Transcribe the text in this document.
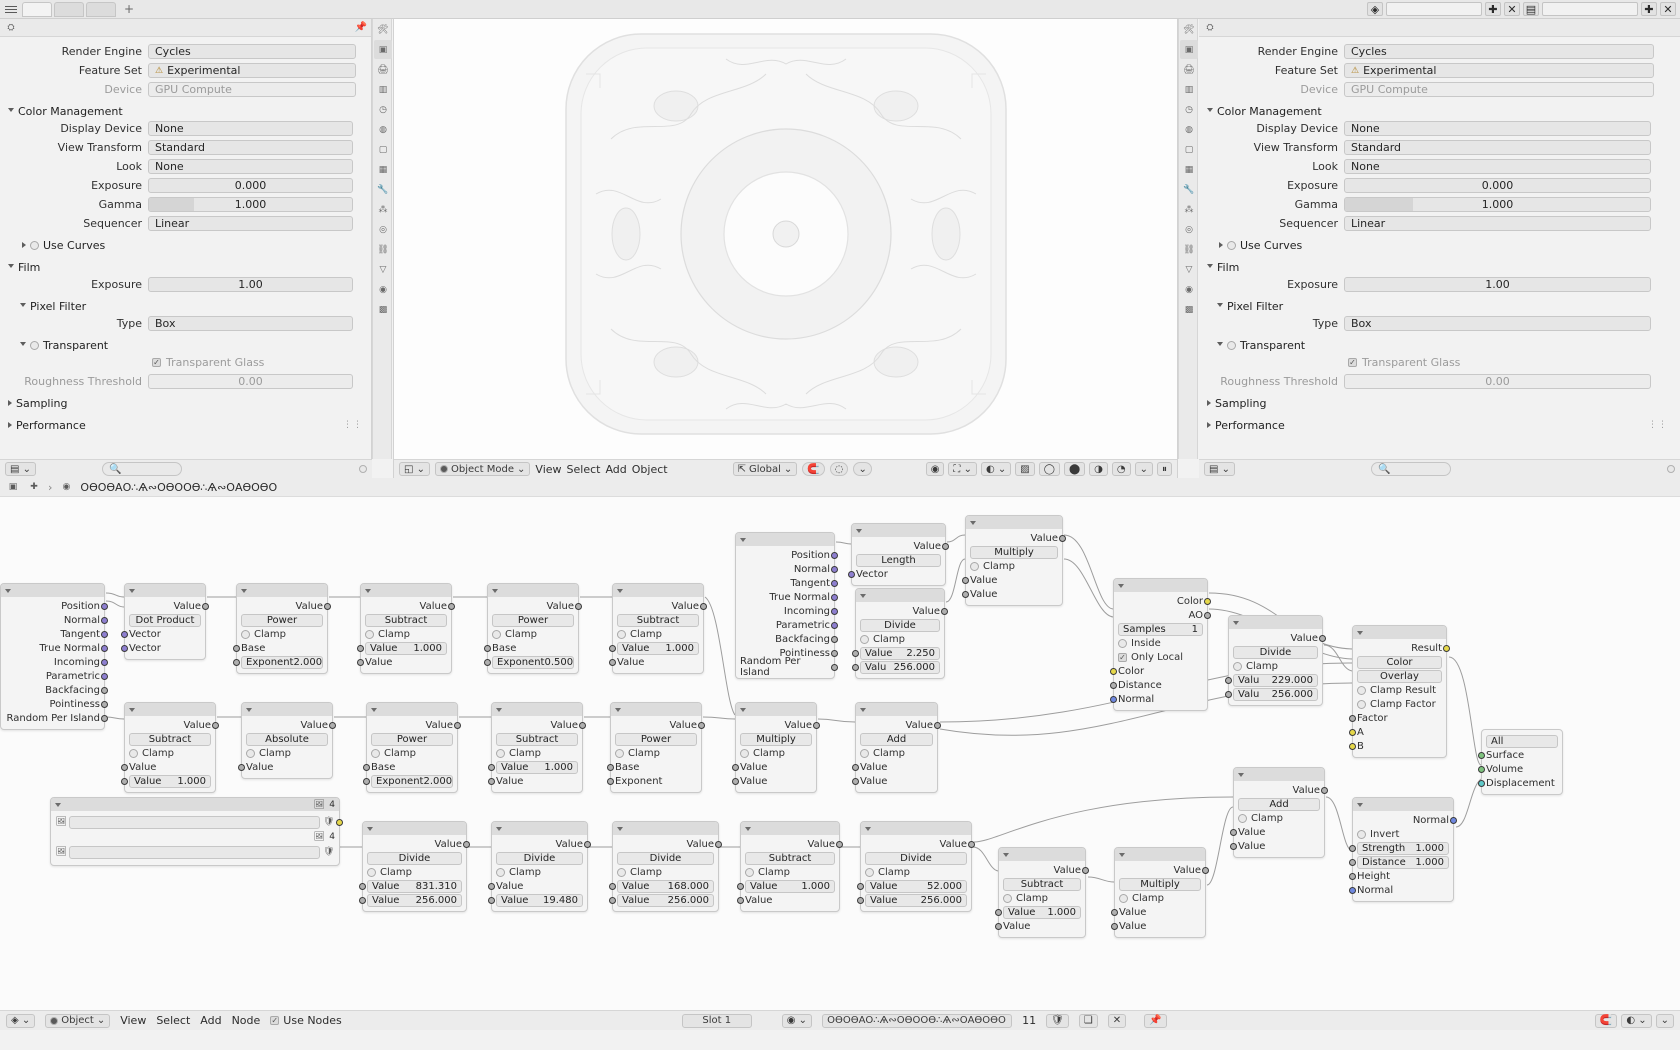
+	◈	✚ ✕ ▤	✚ ✕
⛭	📌
Render Engine	Cycles
Feature Set	⚠ Experimental
Device	GPU Compute
Color Management
Display Device	None
View Transform	Standard
Look	None
Exposure	0.000
Gamma	1.000
Sequencer	Linear
Use Curves
Film
Exposure	1.00
Pixel Filter
Type	Box
Transparent
✓ Transparent Glass
Roughness Threshold	0.00
Sampling
Performance	⋮⋮
▤ ⌄	🔍
🛠
▣
🖨
▥
◷
◍
▢
▦
🔧
⁂
◎
⛓
▽
◉
▩
◱ ⌄	Object Mode ⌄ View Select Add Object	⇱ Global ⌄	🧲	◌	⌄	◉	⛶ ⌄	◐ ⌄	▨	◯	⬤	◑	◔	⌄	⏸
🛠
▣
🖨
▥
◷
◍
▢
▦
🔧
⁂
◎
⛓
▽
◉
▩
⛭
Render Engine	Cycles
Feature Set	⚠ Experimental
Device	GPU Compute
Color Management
Display Device	None
View Transform	Standard
Look	None
Exposure	0.000
Gamma	1.000
Sequencer	Linear
Use Curves
Film
Exposure	1.00
Pixel Filter
Type	Box
Transparent
✓ Transparent Glass
Roughness Threshold	0.00
Sampling
Performance	⋮⋮
▤ ⌄	🔍
▣	✚ ›	◉ ОӨОӨАО∴Ѧ∾ОӨООӨ∴Ѧ∾ОАӨОӨО
Position
Normal
Tangent
True Normal
Incoming
Parametric
Backfacing
Pointiness
Random Per Island
Position
Normal
Tangent
True Normal
Incoming
Parametric
Backfacing
Pointiness
Random Per Island
Value
Dot Product
Vector
Vector
Value
Power
Clamp
Base
Exponent 2.000
Value
Subtract
Clamp
Value 1.000
Value
Value
Power
Clamp
Base
Exponent 0.500
Value
Subtract
Clamp
Value 1.000
Value
Value
Length
Vector
Value
Divide
Clamp
Value 2.250
Valu 256.000
Value
Multiply
Clamp
Value
Value
Color
AO
Samples	1
Inside
✓ Only Local
Color
Distance
Normal
Value
Divide
Clamp
Valu 229.000
Valu 256.000
Result
Color
Overlay
Clamp Result
Clamp Factor
Factor
A
B	All
Surface
Volume
Displacement
Value
Subtract
Clamp
Value
Value 1.000
Value
Absolute
Clamp
Value
Value
Power
Clamp
Base
Exponent 2.000
Value
Subtract
Clamp
Value 1.000
Value
Value
Power
Clamp
Base
Exponent
Value
Multiply
Clamp
Value
Value
Value
Add
Clamp
Value
Value
Value
Add
Clamp
Value
Value
Normal
Invert
Strength 1.000
Distance 1.000
Height
Normal
🖼 4
🖼	🛡
🖼 4
🖼	🛡
Value
Divide
Clamp
Value 831.310
Value 256.000
Value
Divide
Clamp
Value
Value 19.480
Value
Divide
Clamp
Value 168.000
Value 256.000
Value
Subtract
Clamp
Value 1.000
Value
Value
Divide
Clamp
Value	52.000
Value 256.000
Value
Subtract
Clamp
Value 1.000
Value
Value
Multiply
Clamp
Value
Value
◈ ⌄	Object ⌄	View Select Add Node ✓ Use Nodes	Slot 1	◉ ⌄	ОӨОӨАО∴Ѧ∾ОӨООӨ∴Ѧ∾ОАӨОӨО 11	🛡	❏	✕	📌	🧲	◐ ⌄	⌄
